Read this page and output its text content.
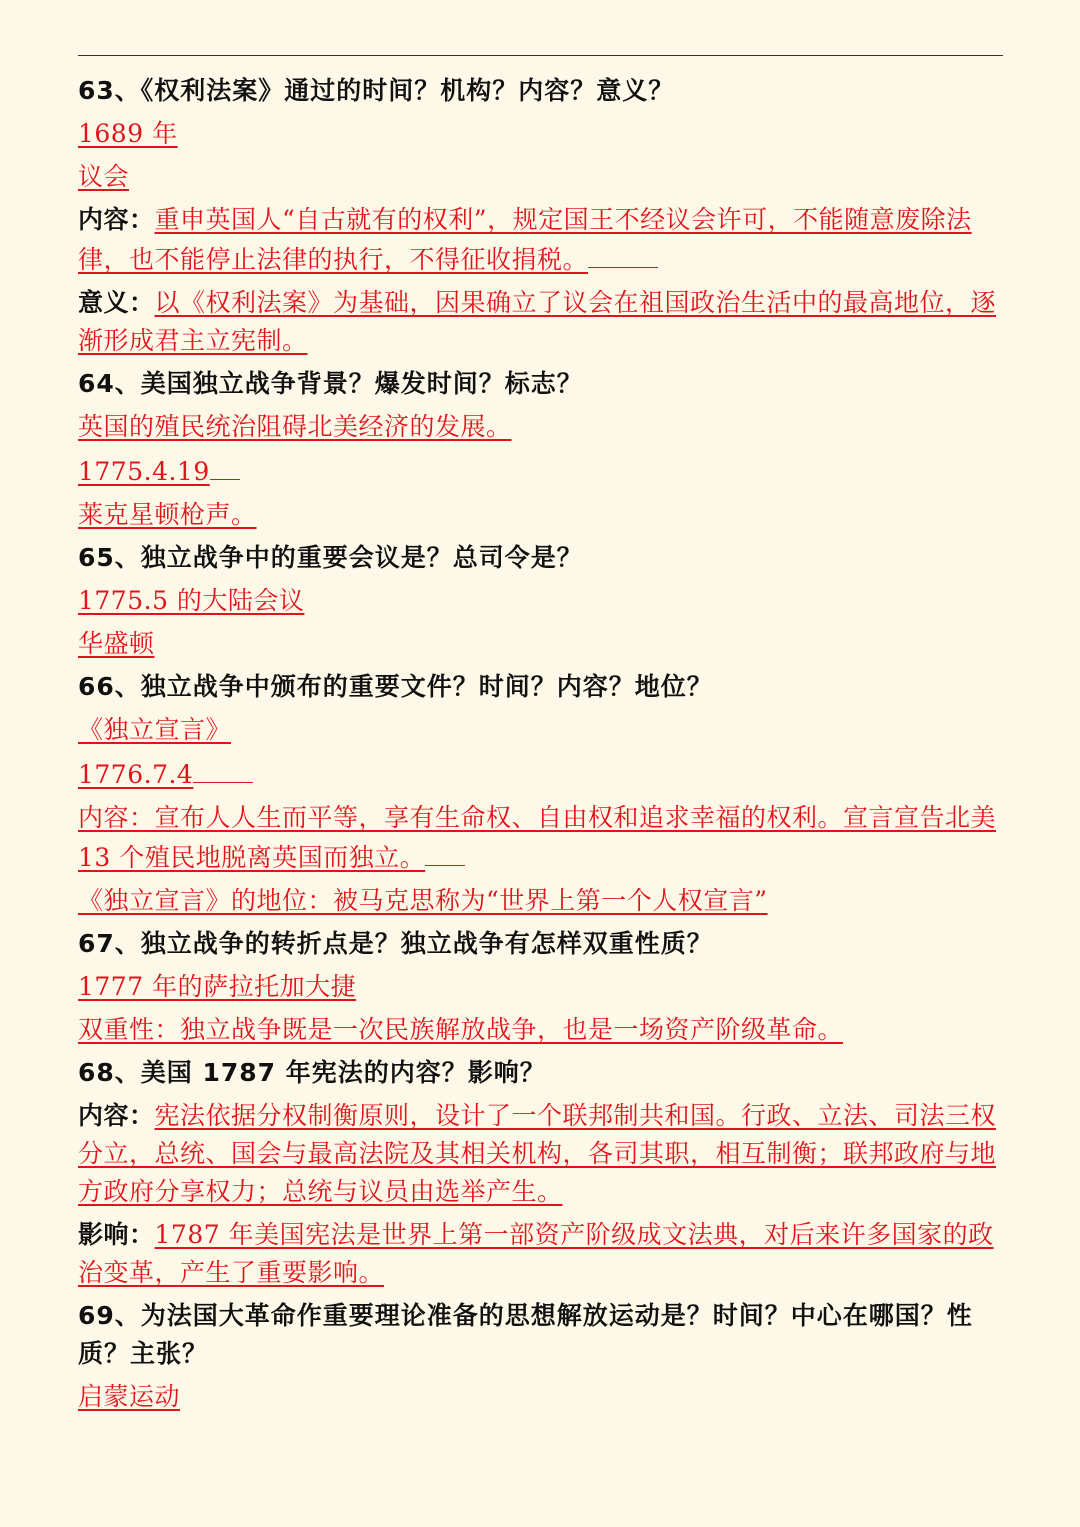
63、《权利法案》通过的时间？机构？内容？意义？
1689 年
议会
内容：重申英国人“自古就有的权利”，规定国王不经议会许可，不能随意废除法律，也不能停止法律的执行，不得征收捐税。
意义：以《权利法案》为基础，因果确立了议会在祖国政治生活中的最高地位，逐渐形成君主立宪制。
64、美国独立战争背景？爆发时间？标志？
英国的殖民统治阻碍北美经济的发展。
1775.4.19
莱克星顿枪声。
65、独立战争中的重要会议是？总司令是？
1775.5 的大陆会议
华盛顿
66、独立战争中颁布的重要文件？时间？内容？地位？
《独立宣言》
1776.7.4
内容：宣布人人生而平等，享有生命权、自由权和追求幸福的权利。宣言宣告北美 13 个殖民地脱离英国而独立。
《独立宣言》的地位：被马克思称为“世界上第一个人权宣言”
67、独立战争的转折点是？独立战争有怎样双重性质？
1777 年的萨拉托加大捷
双重性：独立战争既是一次民族解放战争，也是一场资产阶级革命。
68、美国 1787 年宪法的内容？影响？
内容：宪法依据分权制衡原则，设计了一个联邦制共和国。行政、立法、司法三权分立，总统、国会与最高法院及其相关机构，各司其职，相互制衡；联邦政府与地方政府分享权力；总统与议员由选举产生。
影响：1787 年美国宪法是世界上第一部资产阶级成文法典，对后来许多国家的政治变革，产生了重要影响。
69、为法国大革命作重要理论准备的思想解放运动是？时间？中心在哪国？性质？主张？
启蒙运动
